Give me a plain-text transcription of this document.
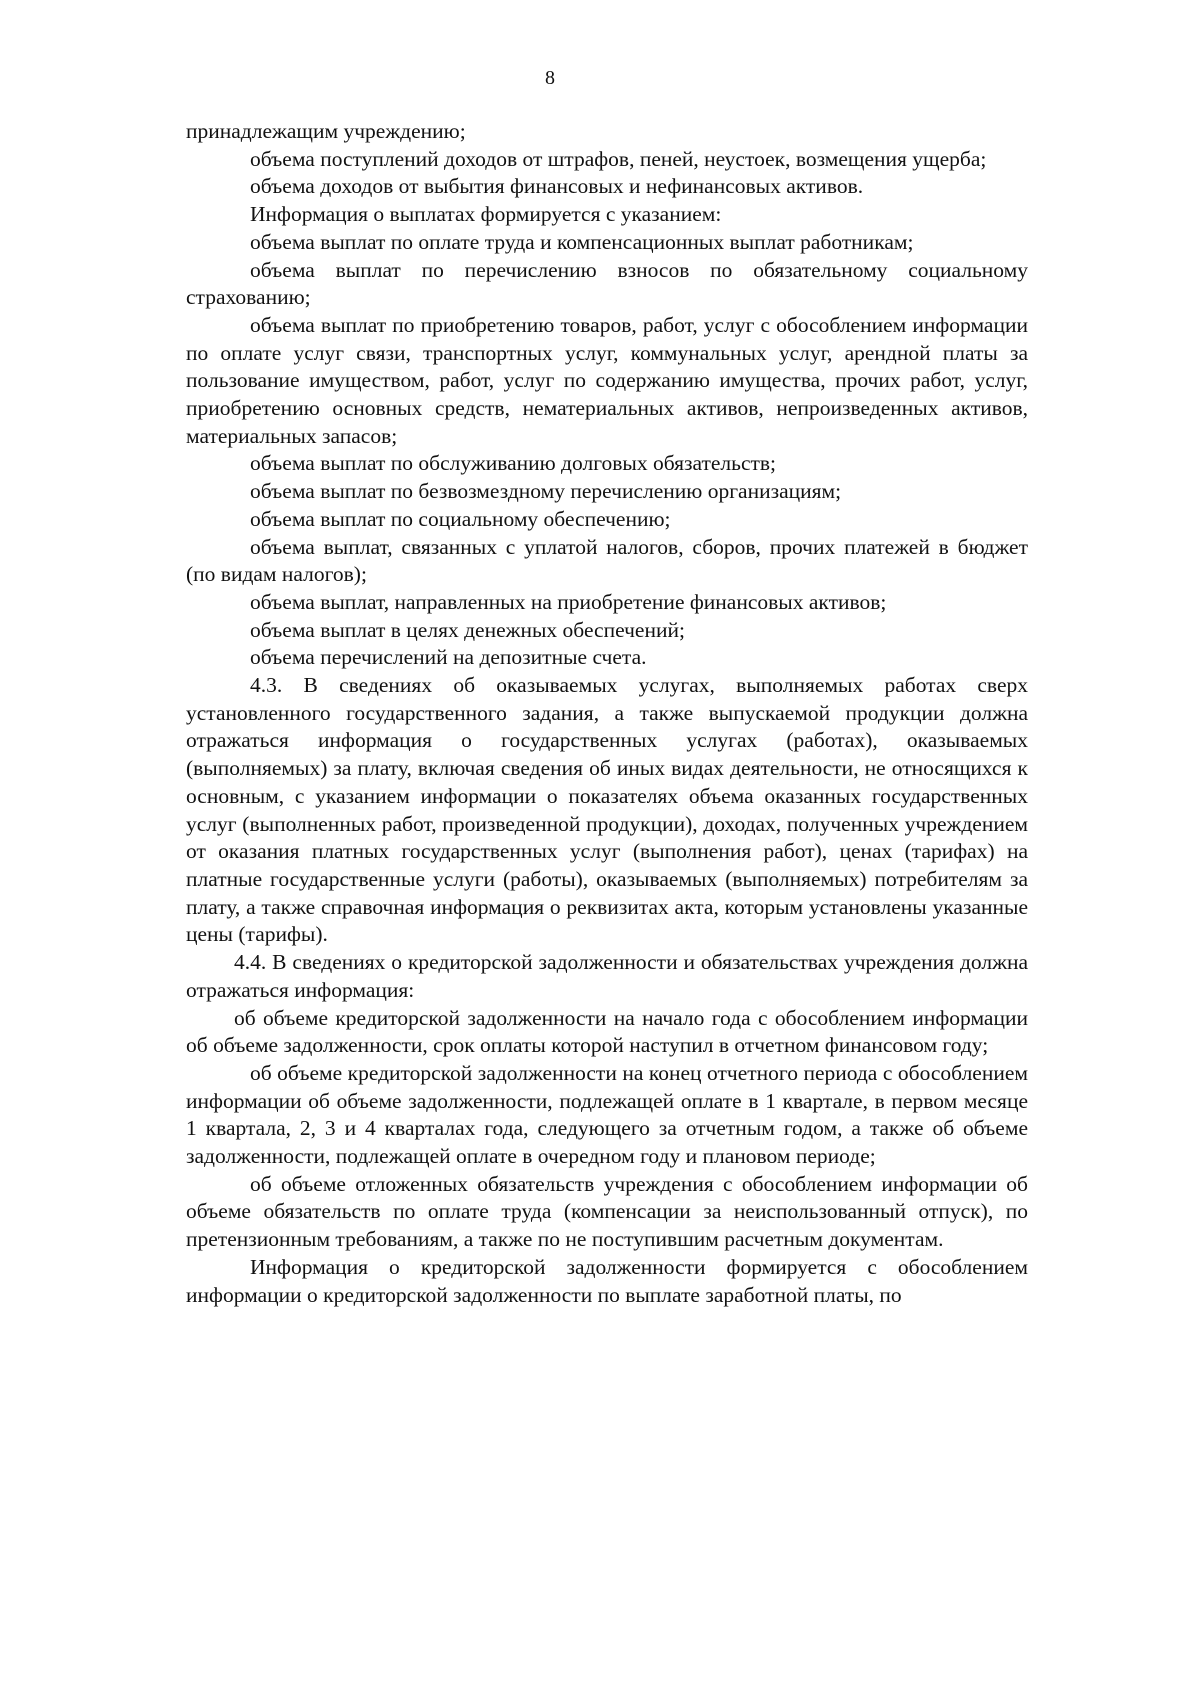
8

принадлежащим учреждению;

объема поступлений доходов от штрафов, пеней, неустоек, возмещения ущерба;

объема доходов от выбытия финансовых и нефинансовых активов.

Информация о выплатах формируется с указанием:

объема выплат по оплате труда и компенсационных выплат работникам;

объема выплат по перечислению взносов по обязательному социальному страхованию;

объема выплат по приобретению товаров, работ, услуг с обособлением информации по оплате услуг связи, транспортных услуг, коммунальных услуг, арендной платы за пользование имуществом, работ, услуг по содержанию имущества, прочих работ, услуг, приобретению основных средств, нематериальных активов, непроизведенных активов, материальных запасов;

объема выплат по обслуживанию долговых обязательств;

объема выплат по безвозмездному перечислению организациям;

объема выплат по социальному обеспечению;

объема выплат, связанных с уплатой налогов, сборов, прочих платежей в бюджет (по видам налогов);

объема выплат, направленных на приобретение финансовых активов;

объема выплат в целях денежных обеспечений;

объема перечислений на депозитные счета.

4.3. В сведениях об оказываемых услугах, выполняемых работах сверх установленного государственного задания, а также выпускаемой продукции должна отражаться информация о государственных услугах (работах), оказываемых (выполняемых) за плату, включая сведения об иных видах деятельности, не относящихся к основным, с указанием информации о показателях объема оказанных государственных услуг (выполненных работ, произведенной продукции), доходах, полученных учреждением от оказания платных государственных услуг (выполнения работ), ценах (тарифах) на платные государственные услуги (работы), оказываемых (выполняемых) потребителям за плату, а также справочная информация о реквизитах акта, которым установлены указанные цены (тарифы).

4.4. В сведениях о кредиторской задолженности и обязательствах учреждения должна отражаться информация:

об объеме кредиторской задолженности на начало года с обособлением информации об объеме задолженности, срок оплаты которой наступил в отчетном финансовом году;

об объеме кредиторской задолженности на конец отчетного периода с обособлением информации об объеме задолженности, подлежащей оплате в 1 квартале, в первом месяце 1 квартала, 2, 3 и 4 кварталах года, следующего за отчетным годом, а также об объеме задолженности, подлежащей оплате в очередном году и плановом периоде;

об объеме отложенных обязательств учреждения с обособлением информации об объеме обязательств по оплате труда (компенсации за неиспользованный отпуск), по претензионным требованиям, а также по не поступившим расчетным документам.

Информация о кредиторской задолженности формируется с обособлением информации о кредиторской задолженности по выплате заработной платы, по
